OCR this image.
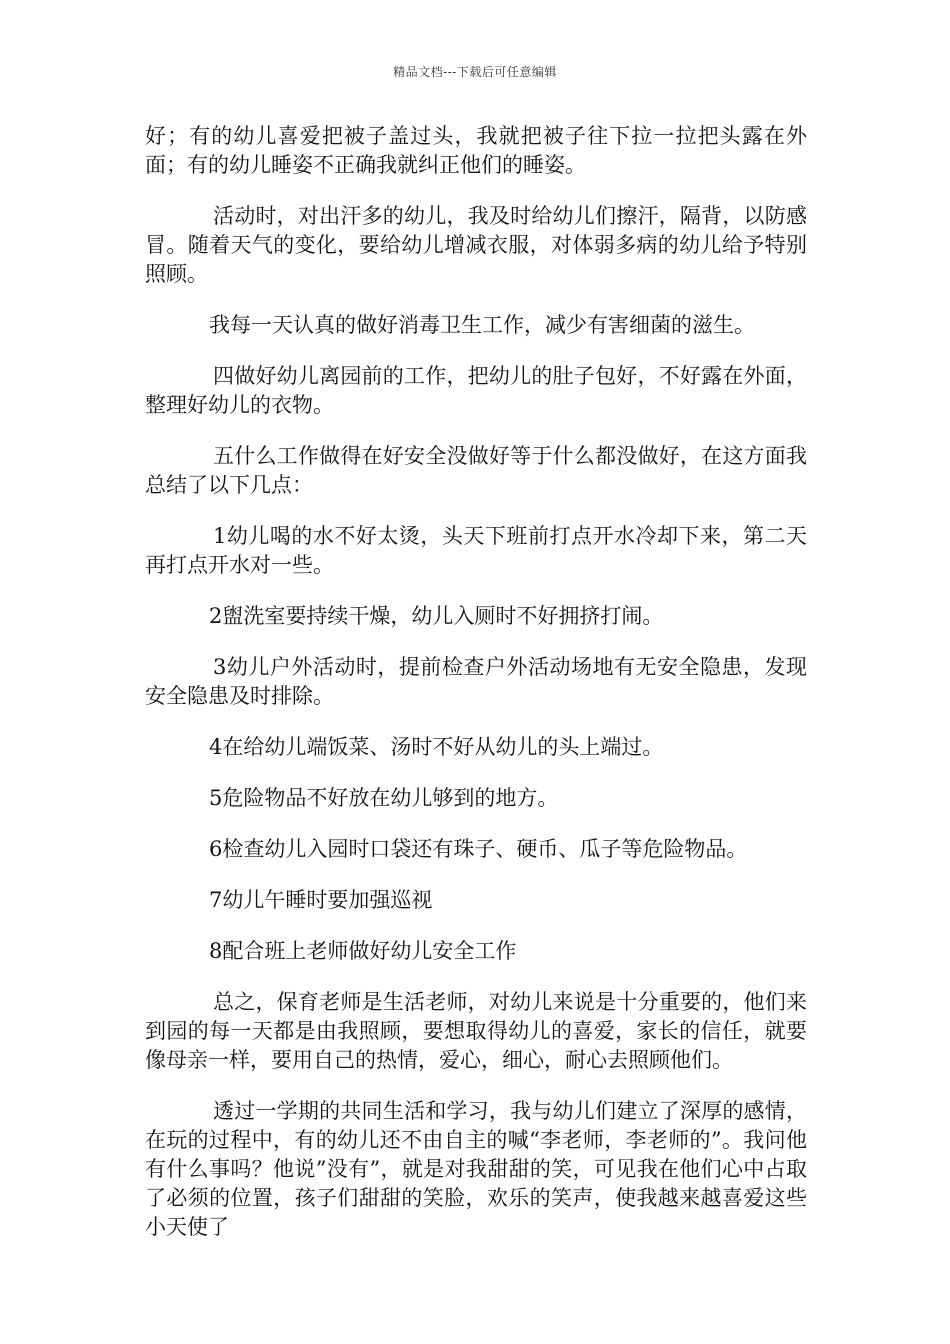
精品文档---下载后可任意编辑

好；有的幼儿喜爱把被子盖过头，我就把被子往下拉一拉把头露在外面；有的幼儿睡姿不正确我就纠正他们的睡姿。

活动时，对出汗多的幼儿，我及时给幼儿们擦汗，隔背，以防感冒。随着天气的变化，要给幼儿增减衣服，对体弱多病的幼儿给予特别照顾。

我每一天认真的做好消毒卫生工作，减少有害细菌的滋生。

四做好幼儿离园前的工作，把幼儿的肚子包好，不好露在外面，整理好幼儿的衣物。

五什么工作做得在好安全没做好等于什么都没做好，在这方面我总结了以下几点：

1幼儿喝的水不好太烫，头天下班前打点开水冷却下来，第二天再打点开水对一些。

2盥洗室要持续干燥，幼儿入厕时不好拥挤打闹。

3幼儿户外活动时，提前检查户外活动场地有无安全隐患，发现安全隐患及时排除。

4在给幼儿端饭菜、汤时不好从幼儿的头上端过。

5危险物品不好放在幼儿够到的地方。

6检查幼儿入园时口袋还有珠子、硬币、瓜子等危险物品。

7幼儿午睡时要加强巡视

8配合班上老师做好幼儿安全工作

总之，保育老师是生活老师，对幼儿来说是十分重要的，他们来到园的每一天都是由我照顾，要想取得幼儿的喜爱，家长的信任，就要像母亲一样，要用自己的热情，爱心，细心，耐心去照顾他们。

透过一学期的共同生活和学习，我与幼儿们建立了深厚的感情，在玩的过程中，有的幼儿还不由自主的喊“李老师，李老师的”。我问他有什么事吗？他说”没有”，就是对我甜甜的笑，可见我在他们心中占取了必须的位置，孩子们甜甜的笑脸，欢乐的笑声，使我越来越喜爱这些小天使了
